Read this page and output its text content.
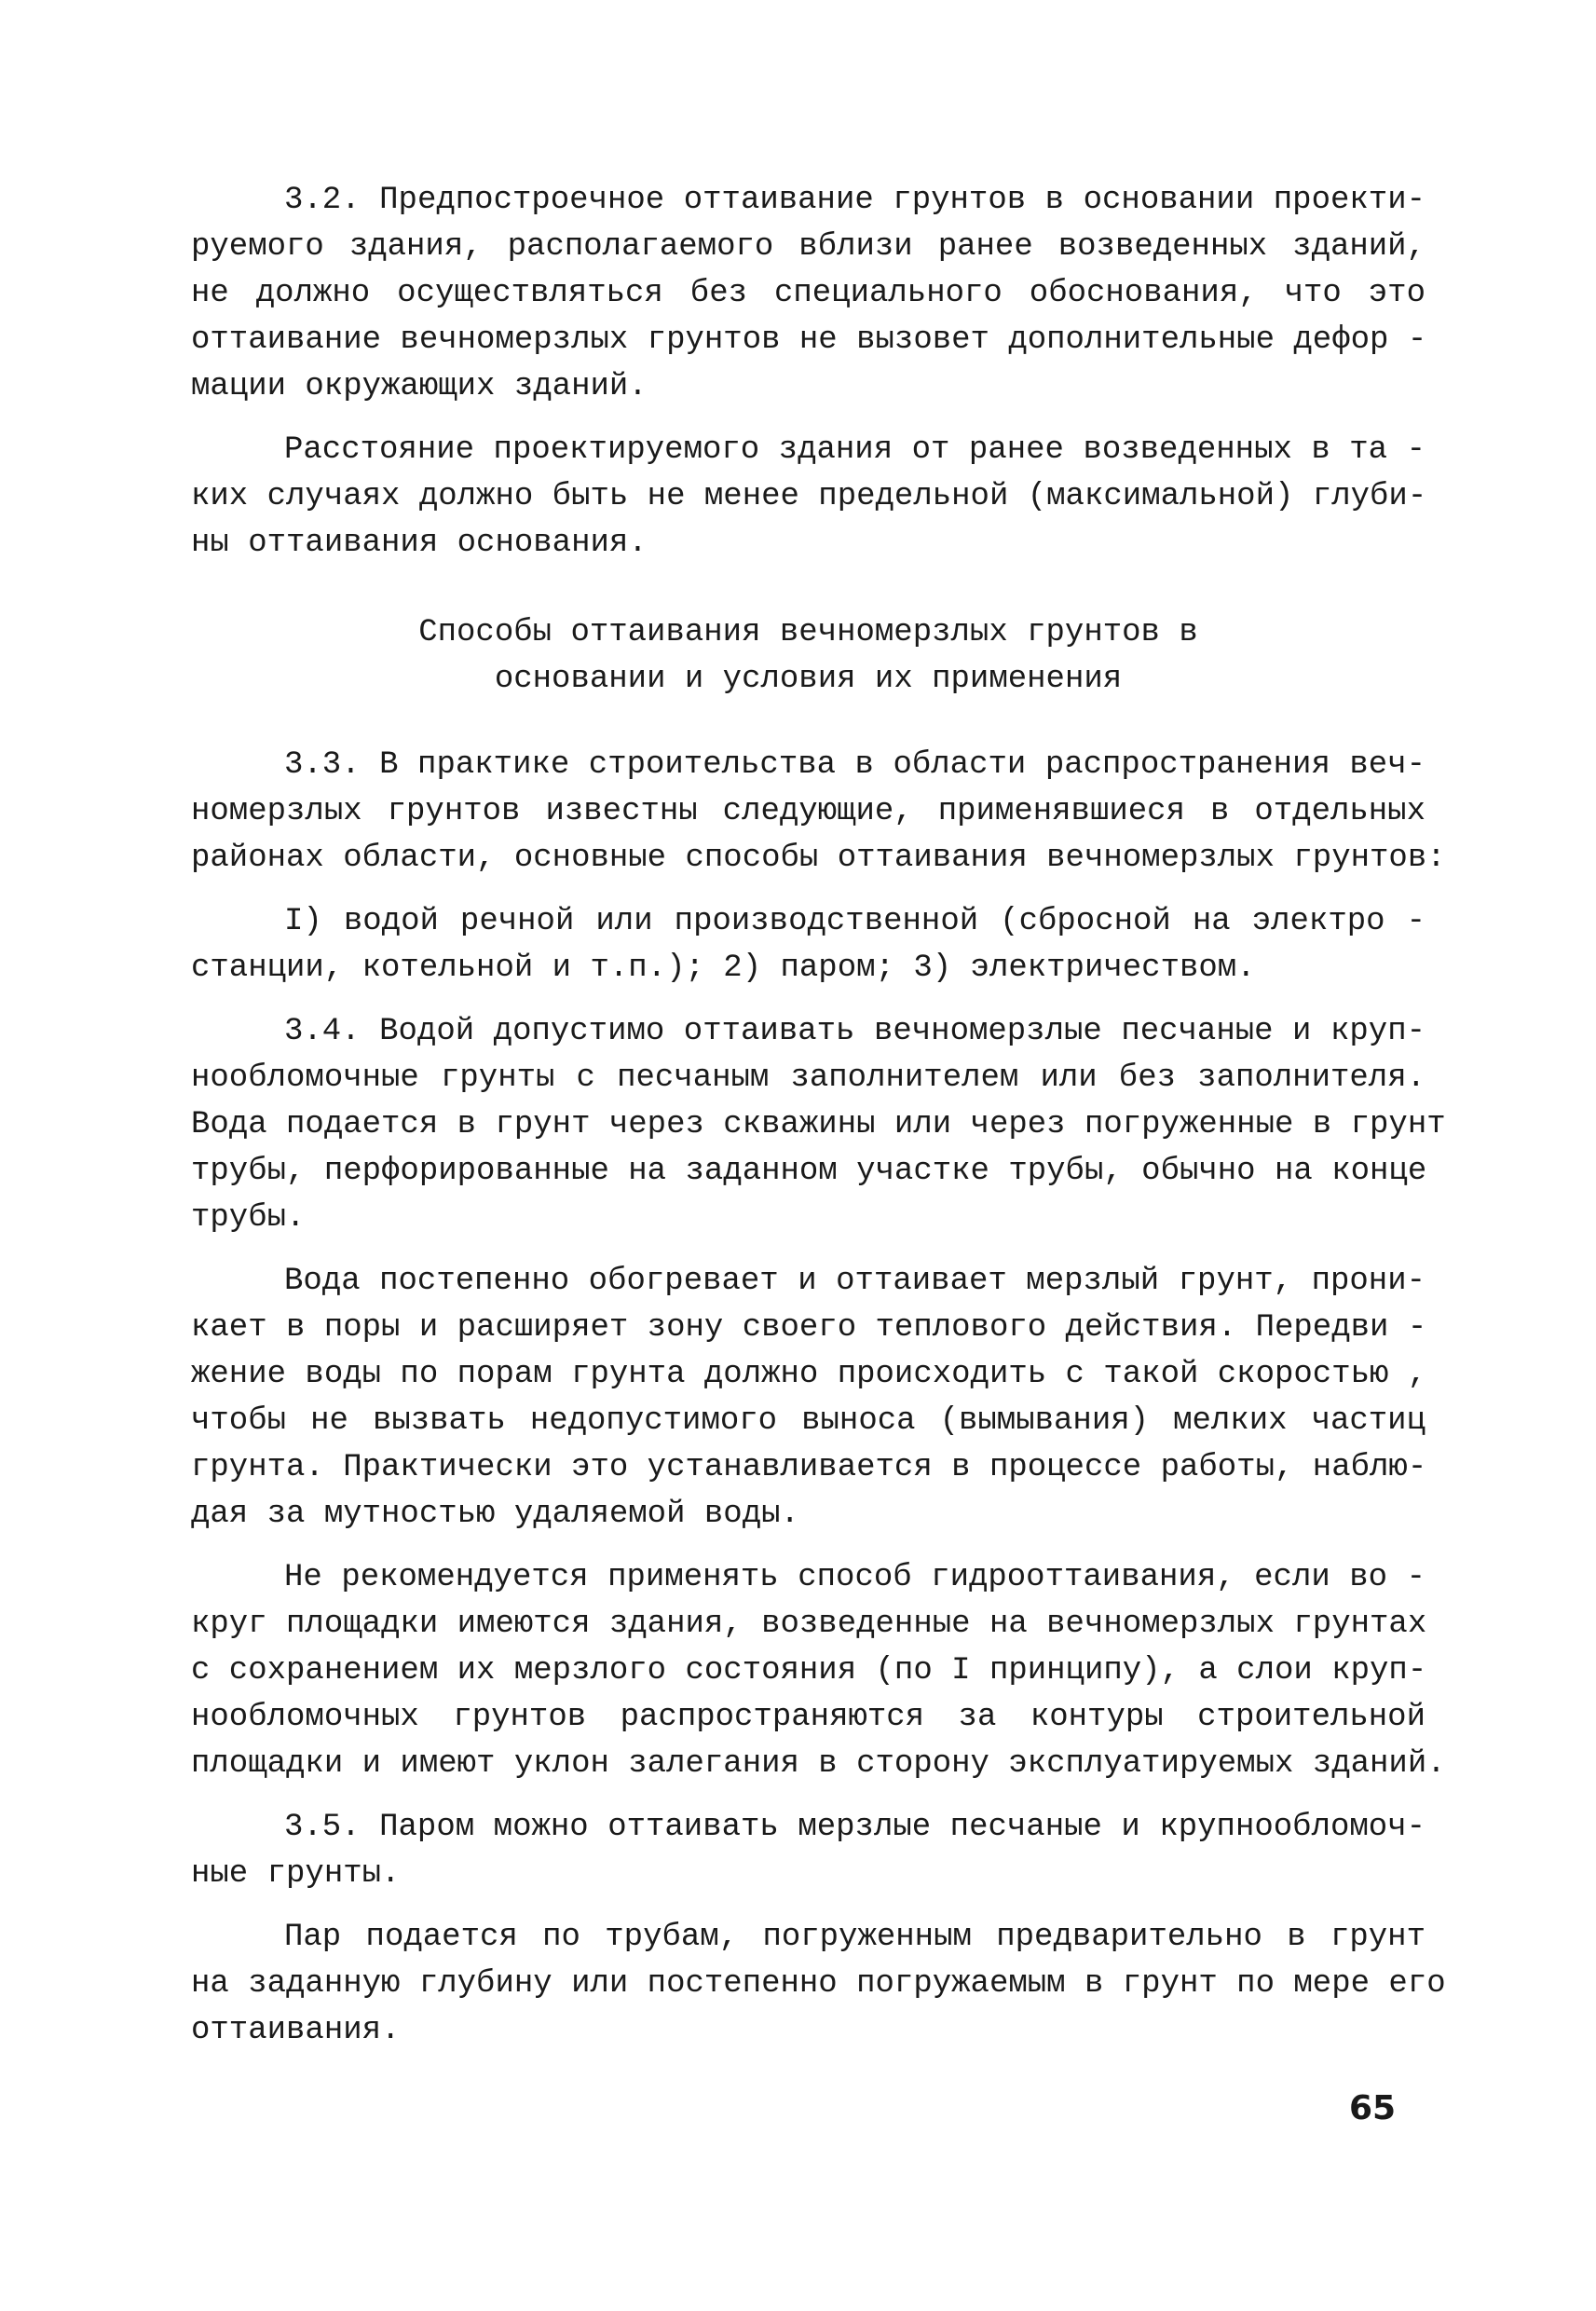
3.2. Предпостроечное оттаивание грунтов в основании проекти-
руемого здания, располагаемого вблизи ранее возведенных зданий,
не должно осуществляться без специального обоснования, что это
оттаивание вечномерзлых грунтов не вызовет дополнительные дефор -
мации окружающих зданий.
Расстояние проектируемого здания от ранее возведенных в та -
ких случаях должно быть не менее предельной (максимальной) глуби-
ны оттаивания основания.
Способы оттаивания вечномерзлых грунтов в
основании и условия их применения
3.3. В практике строительства в области распространения веч-
номерзлых грунтов известны следующие, применявшиеся в отдельных
районах области, основные способы оттаивания вечномерзлых грунтов:
I) водой речной или производственной (сбросной на электро -
станции, котельной и т.п.); 2) паром; 3) электричеством.
3.4. Водой допустимо оттаивать вечномерзлые песчаные и круп-
нообломочные грунты с песчаным заполнителем или без заполнителя.
Вода подается в грунт через скважины или через погруженные в грунт
трубы, перфорированные на заданном участке трубы, обычно на конце
трубы.
Вода постепенно обогревает и оттаивает мерзлый грунт, прони-
кает в поры и расширяет зону своего теплового действия. Передви -
жение воды по порам грунта должно происходить с такой скоростью ,
чтобы не вызвать недопустимого выноса (вымывания) мелких частиц
грунта. Практически это устанавливается в процессе работы, наблю-
дая за мутностью удаляемой воды.
Не рекомендуется применять способ гидрооттаивания, если во -
круг площадки имеются здания, возведенные на вечномерзлых грунтах
с сохранением их мерзлого состояния (по I принципу), а слои круп-
нообломочных грунтов распространяются за контуры строительной
площадки и имеют уклон залегания в сторону эксплуатируемых зданий.
3.5. Паром можно оттаивать мерзлые песчаные и крупнообломоч-
ные грунты.
Пар подается по трубам, погруженным предварительно в грунт
на заданную глубину или постепенно погружаемым в грунт по мере его
оттаивания.
65
